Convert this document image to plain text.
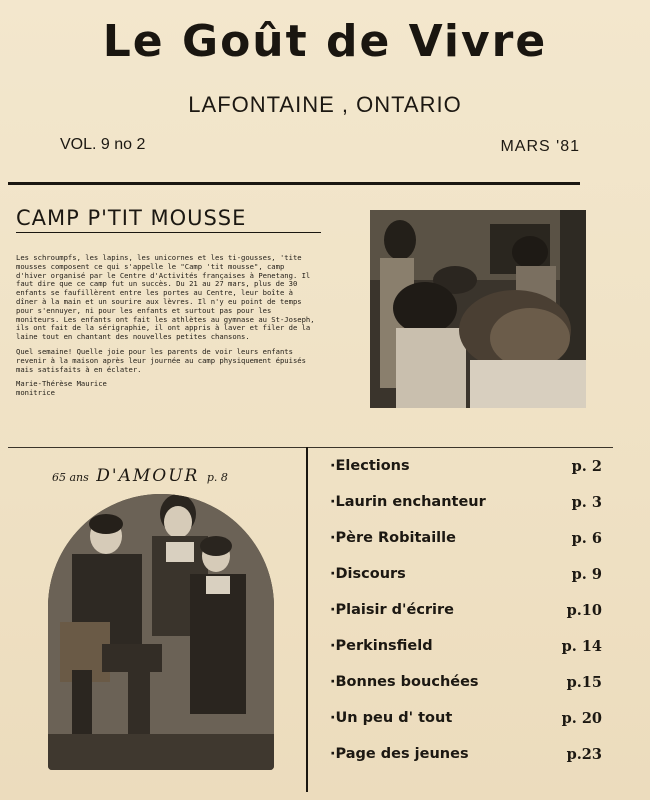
Le Goût de Vivre
LAFONTAINE , ONTARIO
VOL. 9 no 2	MARS '81
CAMP P'TIT MOUSSE

Les schroumpfs, les lapins, les unicornes et les ti-gousses, 'tite mousses composent ce qui s'appelle le "Camp 'tit mousse", camp d'hiver organisé par le Centre d'Activités françaises à Penetang. Il faut dire que ce camp fut un succès. Du 21 au 27 mars, plus de 30 enfants se faufillèrent entre les portes au Centre, leur boîte à dîner à la main et un sourire aux lèvres. Il n'y eu point de temps pour s'ennuyer, ni pour les enfants et surtout pas pour les moniteurs. Les enfants ont fait les athlètes au gymnase au St-Joseph, ils ont fait de la sérigraphie, il ont appris à laver et filer de la laine tout en chantant des nouvelles petites chansons.

Quel semaine! Quelle joie pour les parents de voir leurs enfants revenir à la maison après leur journée au camp physiquement épuisés mais satisfaits à en éclater.

Marie-Thérèse Maurice
monitrice
65 ans D'AMOUR p. 8
·Elections	p. 2
·Laurin enchanteur	p. 3
·Père Robitaille	p. 6
·Discours	p. 9
·Plaisir d'écrire	p.10
·Perkinsfield	p. 14
·Bonnes bouchées	p.15
·Un peu d' tout	p. 20
·Page des jeunes	p.23
